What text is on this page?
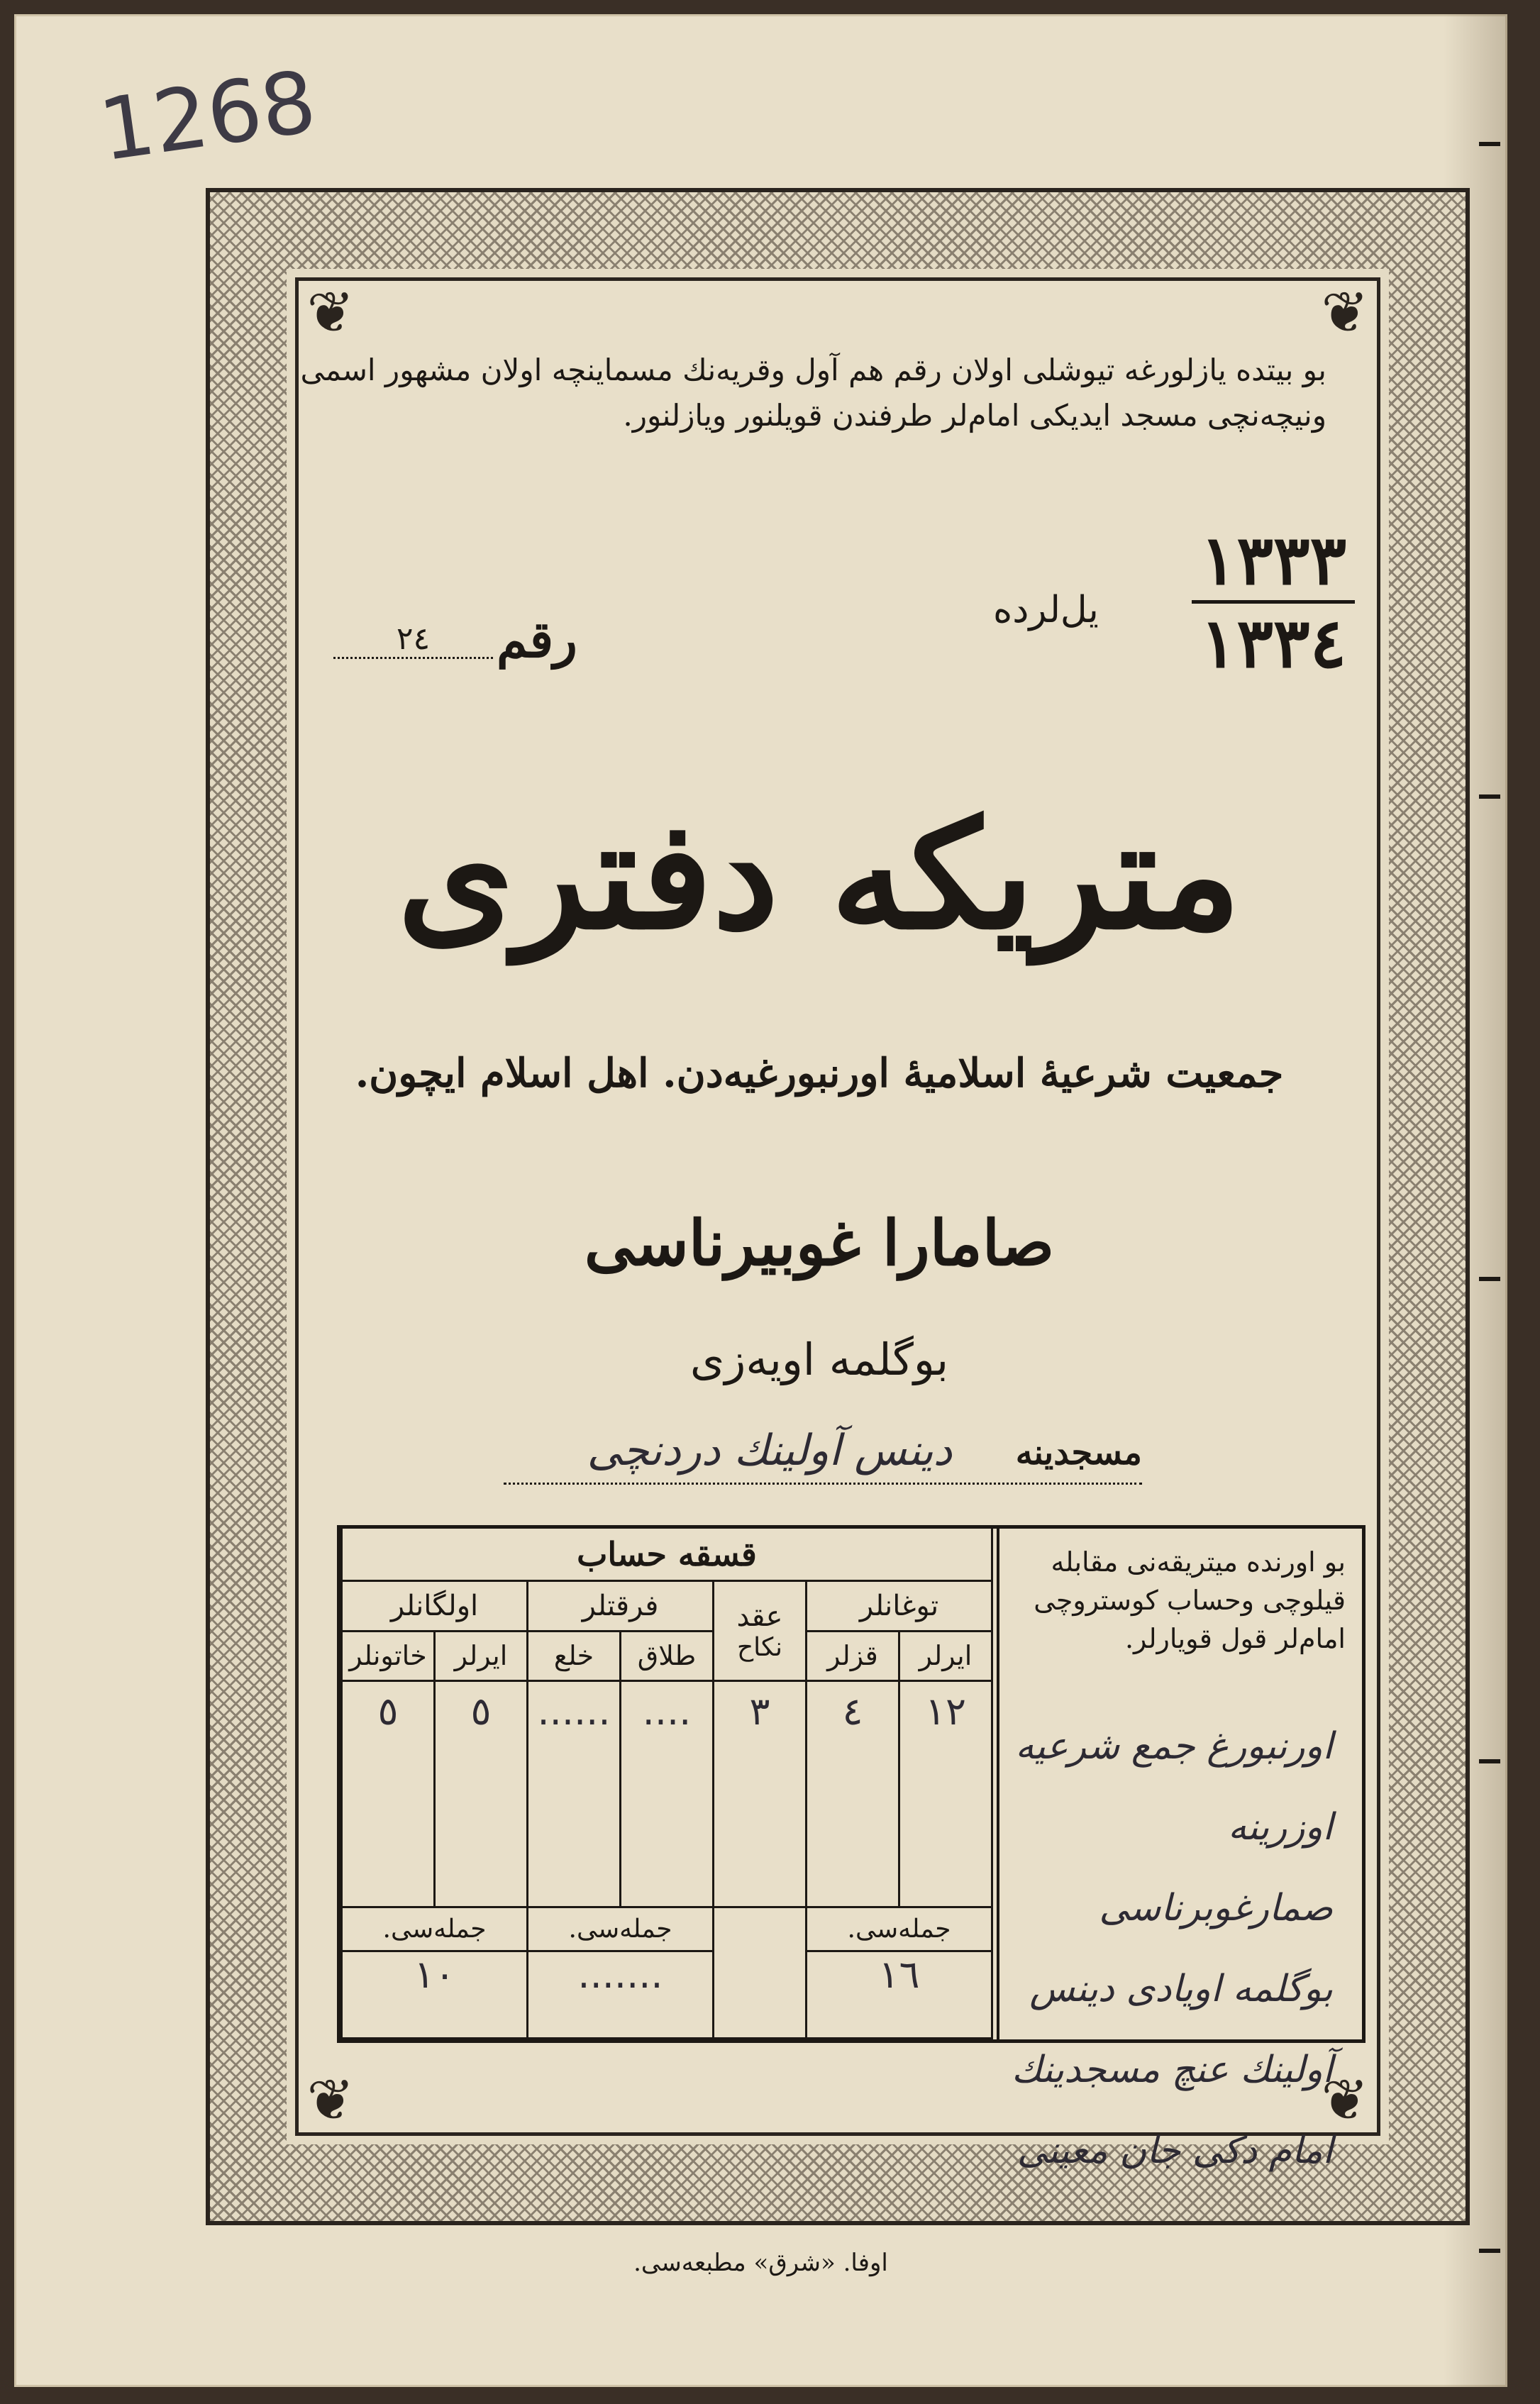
1268
❦	❦
❦	❦
بو بیتده یازلورغه تیوشلی اولان رقم هم آول وقریه‌نك مسماینچه اولان مشهور اسمی ونیچه‌نچی مسجد ایدیکی امام‌لر طرفندن قویلنور ویازلنور.
١٣٣٣
١٣٣٤
یل‌لرده
رقم
٢٤
متریکه دفتری
جمعیت شرعیهٔ اسلامیهٔ اورنبورغیه‌دن. اهل اسلام ایچون.
صامارا غوبیرناسی
بوگلمه اویه‌زی
دینس آولینك دردنچی	مسجدینه
قسقه حساب						
اولگانلر		فرقتلر		عقد
نکاح	توغانلر	
خاتونلر	ایرلر	خلع	طلاق		قزلر	ایرلر
٥	٥	......	....	٣	٤	١٢
جمله‌سی.		جمله‌سی.			جمله‌سی.	
١٠		.......			١٦	
بو اورنده میتریقه‌نی مقابله قیلوچی وحساب کوستروچی امام‌لر قول قویارلر.
اورنبورغ جمع شرعیه
اوزرینه صمارغوبرناسی
بوگلمه اویادی دینس
آولینك عنچ مسجدینك
امام دکی جان معینی
اوفا. «شرق» مطبعه‌سی.
